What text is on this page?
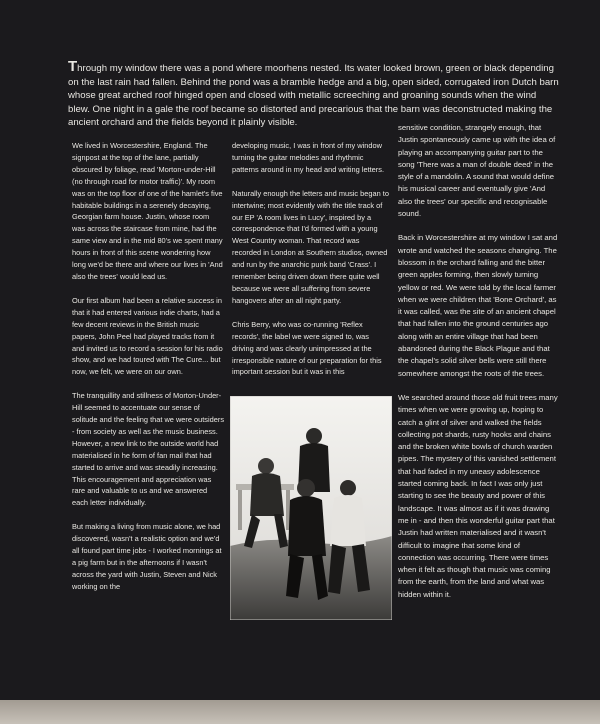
Through my window there was a pond where moorhens nested. Its water looked brown, green or black depending on the last rain had fallen. Behind the pond was a bramble hedge and a big, open sided, corrugated iron Dutch barn whose great arched roof hinged open and closed with metallic screeching and groaning sounds when the wind blew. One night in a gale the roof became so distorted and precarious that the barn was deconstructed making the ancient orchard and the fields beyond it plainly visible.

We lived in Worcestershire, England. The signpost at the top of the lane, partially obscured by foliage, read 'Morton-under-Hill (no through road for motor traffic)'. My room was on the top floor of one of the hamlet's five habitable buildings in a serenely decaying, Georgian farm house. Justin, whose room was across the staircase from mine, had the same view and in the mid 80's we spent many hours in front of this scene wondering how long we'd be there and where our lives in 'And also the trees' would lead us.

Our first album had been a relative success in that it had entered various indie charts, had a few decent reviews in the British music papers, John Peel had played tracks from it and invited us to record a session for his radio show, and we had toured with The Cure... but now, we felt, we were on our own.

The tranquillity and stillness of Morton-Under-Hill seemed to accentuate our sense of solitude and the feeling that we were outsiders - from society as well as the music business. However, a new link to the outside world had materialised in he form of fan mail that had started to arrive and was steadily increasing. This encouragement and appreciation was rare and valuable to us and we answered each letter individually.

But making a living from music alone, we had discovered, wasn't a realistic option and we'd all found part time jobs - I worked mornings at a pig farm but in the afternoons if I wasn't across the yard with Justin, Steven and Nick working on the

developing music, I was in front of my window turning the guitar melodies and rhythmic patterns around in my head and writing letters.

Naturally enough the letters and music began to intertwine; most evidently with the title track of our EP 'A room lives in Lucy', inspired by a correspondence that I'd formed with a young West Country woman. That record was recorded in London at Southern studios, owned and run by the anarchic punk band 'Crass'. I remember being driven down there quite well because we were all suffering from severe hangovers after an all night party.

Chris Berry, who was co-running 'Reflex records', the label we were signed to, was driving and was clearly unimpressed at the irresponsible nature of our preparation for this important session but it was in this

sensitive condition, strangely enough, that Justin spontaneously came up with the idea of playing an accompanying guitar part to the song 'There was a man of double deed' in the style of a mandolin. A sound that would define his musical career and eventually give 'And also the trees' our specific and recognisable sound.

Back in Worcestershire at my window I sat and wrote and watched the seasons changing. The blossom in the orchard falling and the bitter green apples forming, then slowly turning yellow or red. We were told by the local farmer when we were children that 'Bone Orchard', as it was called, was the site of an ancient chapel that had fallen into the ground centuries ago along with an entire village that had been abandoned during the Black Plague and that the chapel's solid silver bells were still there somewhere amongst the roots of the trees.

We searched around those old fruit trees many times when we were growing up, hoping to catch a glint of silver and walked the fields collecting pot shards, rusty hooks and chains and the broken white bowls of church warden pipes. The mystery of this vanished settlement that had faded in my uneasy adolescence started coming back. In fact I was only just starting to see the beauty and power of this landscape. It was almost as if it was drawing me in - and then this wonderful guitar part that Justin had written materialised and it wasn't difficult to imagine that some kind of connection was occurring. There were times when it felt as though that music was coming from the earth, from the land and what was hidden within it.
